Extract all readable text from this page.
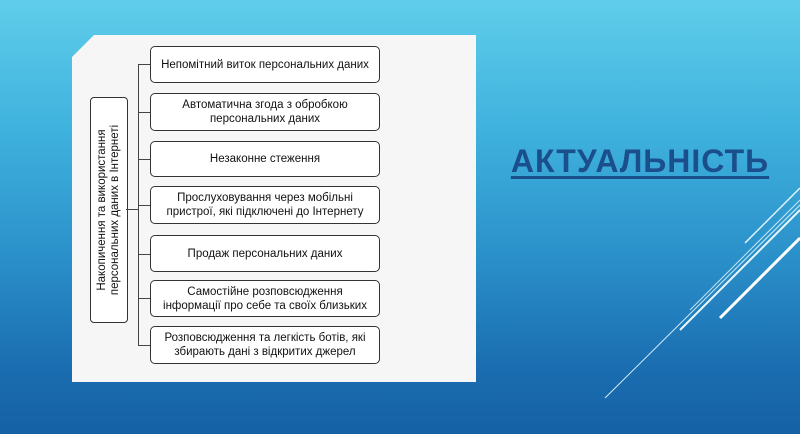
Накопичення та використання персональних даних в Інтернеті
Непомітний виток персональних даних
Автоматична згода з обробкою персональних даних
Незаконне стеження
Прослуховування через мобільні пристрої, які підключені до Інтернету
Продаж персональних даних
Самостійне розповсюдження інформації про себе та своїх близьких
Розповсюдження та легкість ботів, які збирають дані з відкритих джерел
АКТУАЛЬНІСТЬ
